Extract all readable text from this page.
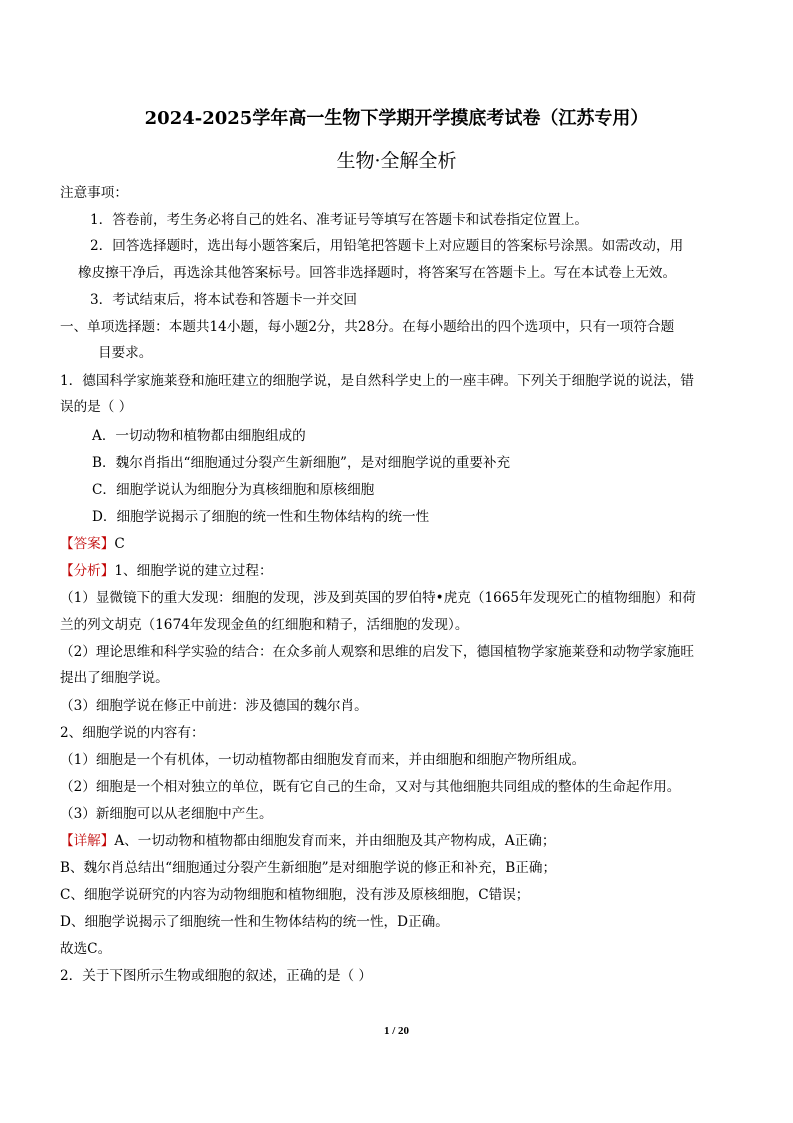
2024-2025学年高一生物下学期开学摸底考试卷（江苏专用）
生物·全解全析
注意事项：
1．答卷前，考生务必将自己的姓名、准考证号等填写在答题卡和试卷指定位置上。
2．回答选择题时，选出每小题答案后，用铅笔把答题卡上对应题目的答案标号涂黑。如需改动，用
橡皮擦干净后，再选涂其他答案标号。回答非选择题时，将答案写在答题卡上。写在本试卷上无效。
3．考试结束后，将本试卷和答题卡一并交回
一、单项选择题：本题共14小题，每小题2分，共28分。在每小题给出的四个选项中，只有一项符合题
目要求。
1．德国科学家施莱登和施旺建立的细胞学说，是自然科学史上的一座丰碑。下列关于细胞学说的说法，错
误的是（ ）
A．一切动物和植物都由细胞组成的
B．魏尔肖指出“细胞通过分裂产生新细胞”，是对细胞学说的重要补充
C．细胞学说认为细胞分为真核细胞和原核细胞
D．细胞学说揭示了细胞的统一性和生物体结构的统一性
【答案】C
【分析】1、细胞学说的建立过程：
（1）显微镜下的重大发现：细胞的发现，涉及到英国的罗伯特•虎克（1665年发现死亡的植物细胞）和荷
兰的列文胡克（1674年发现金鱼的红细胞和精子，活细胞的发现）。
（2）理论思维和科学实验的结合：在众多前人观察和思维的启发下，德国植物学家施莱登和动物学家施旺
提出了细胞学说。
（3）细胞学说在修正中前进：涉及德国的魏尔肖。
2、细胞学说的内容有：
（1）细胞是一个有机体，一切动植物都由细胞发育而来，并由细胞和细胞产物所组成。
（2）细胞是一个相对独立的单位，既有它自己的生命，又对与其他细胞共同组成的整体的生命起作用。
（3）新细胞可以从老细胞中产生。
【详解】A、一切动物和植物都由细胞发育而来，并由细胞及其产物构成，A正确；
B、魏尔肖总结出“细胞通过分裂产生新细胞”是对细胞学说的修正和补充，B正确；
C、细胞学说研究的内容为动物细胞和植物细胞，没有涉及原核细胞，C错误；
D、细胞学说揭示了细胞统一性和生物体结构的统一性，D正确。
故选C。
2．关于下图所示生物或细胞的叙述，正确的是（ ）
1 / 20
